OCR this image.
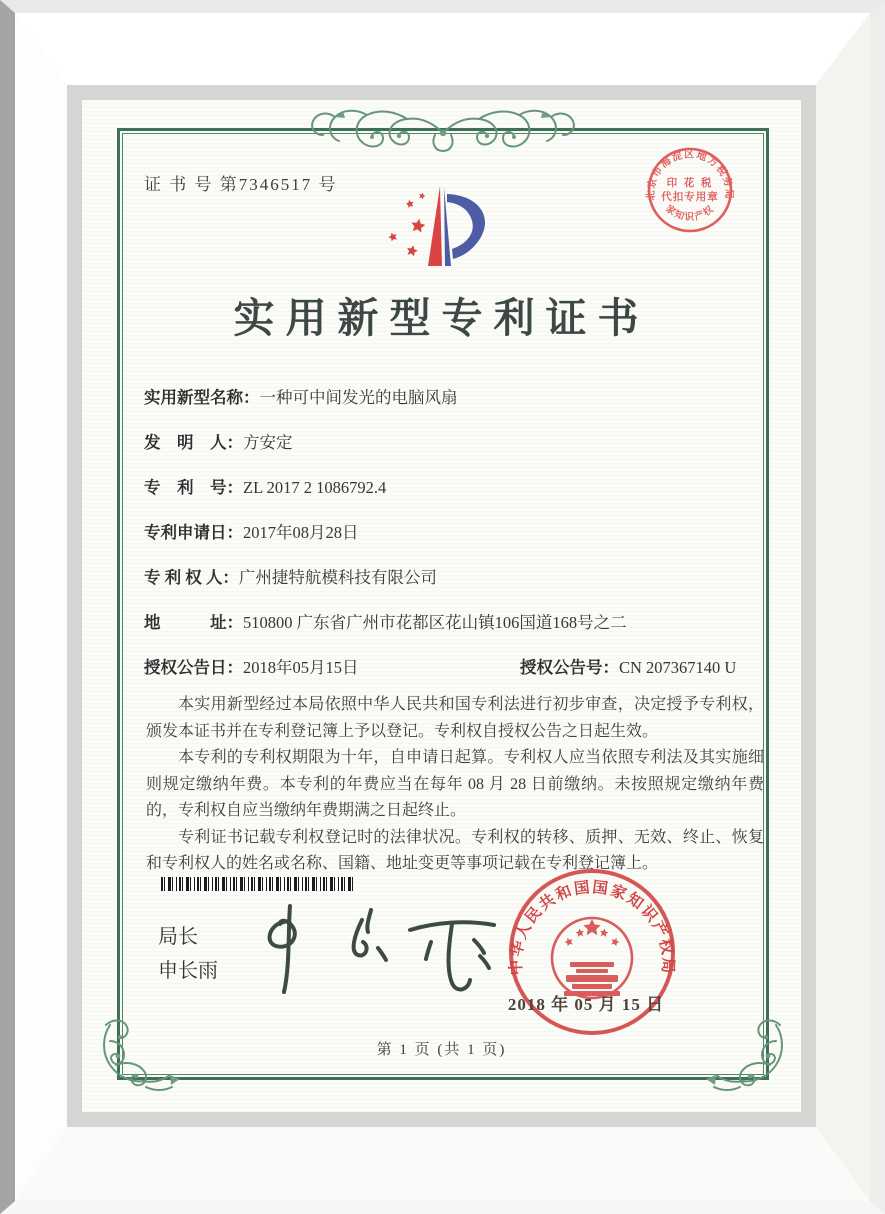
证 书 号 第7346517 号
北京市海淀区地方税务局
印 花 税
代扣专用章
国家知识产权局
实用新型专利证书
实用新型名称：一种可中间发光的电脑风扇
发　明　人：方安定
专　利　号：ZL 2017 2 1086792.4
专利申请日：2017年08月28日
专 利 权 人：广州捷特航模科技有限公司
地　　　址：510800 广东省广州市花都区花山镇106国道168号之二
授权公告日：2018年05月15日	授权公告号：CN 207367140 U

本实用新型经过本局依照中华人民共和国专利法进行初步审查，决定授予专利权，颁发本证书并在专利登记簿上予以登记。专利权自授权公告之日起生效。

本专利的专利权期限为十年，自申请日起算。专利权人应当依照专利法及其实施细则规定缴纳年费。本专利的年费应当在每年 08 月 28 日前缴纳。未按照规定缴纳年费的，专利权自应当缴纳年费期满之日起终止。

专利证书记载专利权登记时的法律状况。专利权的转移、质押、无效、终止、恢复和专利权人的姓名或名称、国籍、地址变更等事项记载在专利登记簿上。

局长
申长雨	中华人民共和国国家知识产权局
2018 年 05 月 15 日
第 1 页 (共 1 页)
